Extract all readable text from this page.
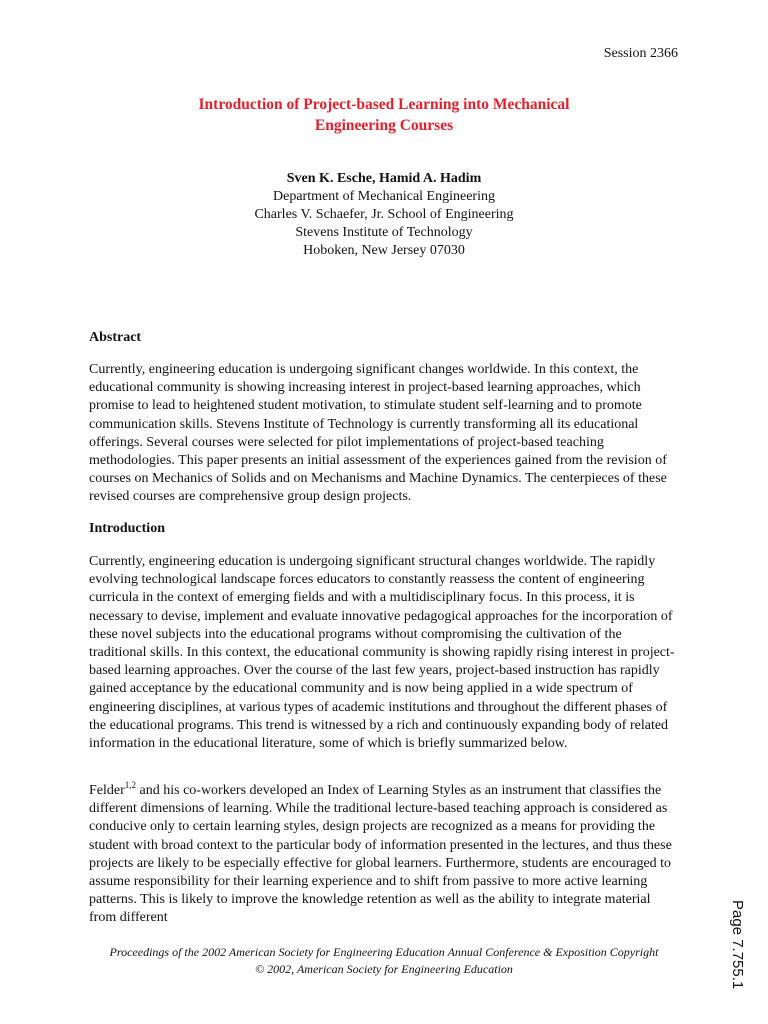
Session 2366
Introduction of Project-based Learning into Mechanical
Engineering Courses
Sven K. Esche, Hamid A. Hadim
Department of Mechanical Engineering
Charles V. Schaefer, Jr. School of Engineering
Stevens Institute of Technology
Hoboken, New Jersey 07030
Abstract

Currently, engineering education is undergoing significant changes worldwide. In this context, the educational community is showing increasing interest in project-based learning approaches, which promise to lead to heightened student motivation, to stimulate student self-learning and to promote communication skills. Stevens Institute of Technology is currently transforming all its educational offerings. Several courses were selected for pilot implementations of project-based teaching methodologies. This paper presents an initial assessment of the experiences gained from the revision of courses on Mechanics of Solids and on Mechanisms and Machine Dynamics. The centerpieces of these revised courses are comprehensive group design projects.

Introduction

Currently, engineering education is undergoing significant structural changes worldwide. The rapidly evolving technological landscape forces educators to constantly reassess the content of engineering curricula in the context of emerging fields and with a multidisciplinary focus. In this process, it is necessary to devise, implement and evaluate innovative pedagogical approaches for the incorporation of these novel subjects into the educational programs without compromising the cultivation of the traditional skills. In this context, the educational community is showing rapidly rising interest in project-based learning approaches. Over the course of the last few years, project-based instruction has rapidly gained acceptance by the educational community and is now being applied in a wide spectrum of engineering disciplines, at various types of academic institutions and throughout the different phases of the educational programs. This trend is witnessed by a rich and continuously expanding body of related information in the educational literature, some of which is briefly summarized below.

Felder$^{1,2}$ and his co-workers developed an Index of Learning Styles as an instrument that classifies the different dimensions of learning. While the traditional lecture-based teaching approach is considered as conducive only to certain learning styles, design projects are recognized as a means for providing the student with broad context to the particular body of information presented in the lectures, and thus these projects are likely to be especially effective for global learners. Furthermore, students are encouraged to assume responsibility for their learning experience and to shift from passive to more active learning patterns. This is likely to improve the knowledge retention as well as the ability to integrate material from different

Proceedings of the 2002 American Society for Engineering Education Annual Conference & Exposition Copyright
© 2002, American Society for Engineering Education	Page 7.755.1
